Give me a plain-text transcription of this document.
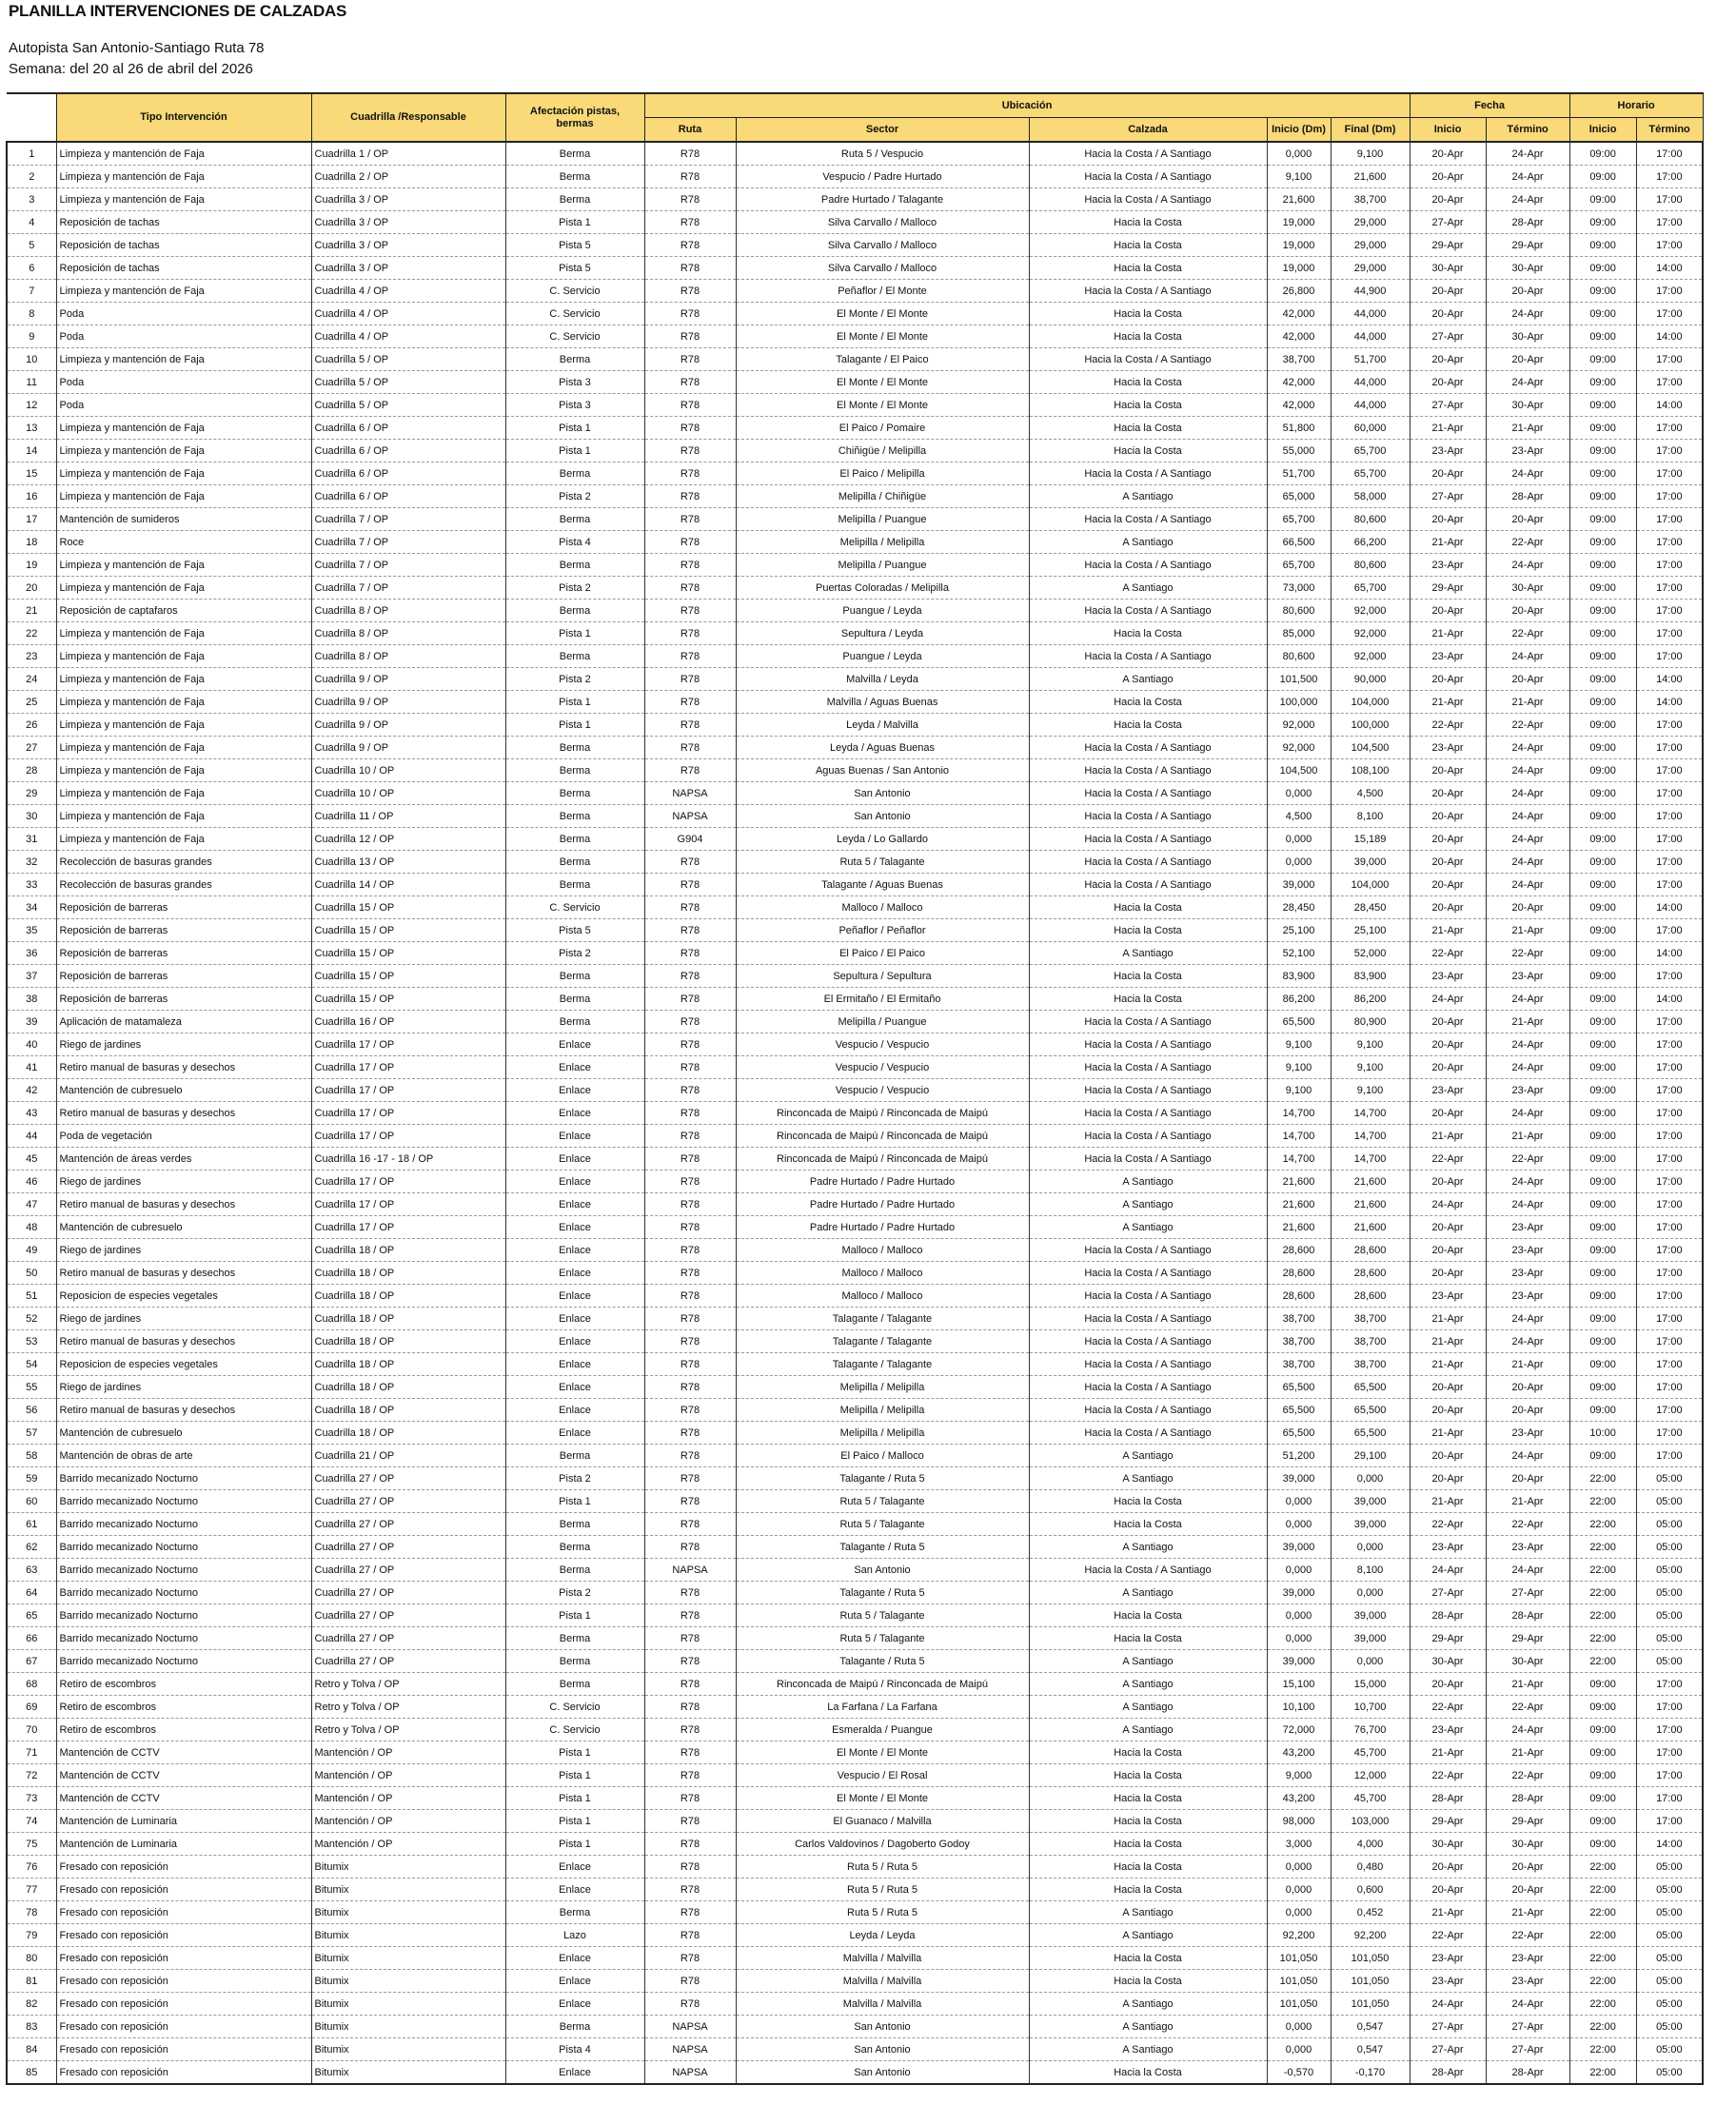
PLANILLA INTERVENCIONES DE CALZADAS
Autopista San Antonio-Santiago Ruta 78
Semana: del 20 al 26 de abril del 2026
	Tipo Intervención	Cuadrilla /Responsable	Afectación pistas, bermas	Ubicación					Fecha		Horario	
				Ruta	Sector	Calzada	Inicio (Dm)	Final (Dm)	Inicio	Término	Inicio	Término
1	Limpieza y mantención de Faja	Cuadrilla 1 / OP	Berma	R78	Ruta 5 / Vespucio	Hacia la Costa / A Santiago	0,000	9,100	20-Apr	24-Apr	09:00	17:00
2	Limpieza y mantención de Faja	Cuadrilla 2 / OP	Berma	R78	Vespucio / Padre Hurtado	Hacia la Costa / A Santiago	9,100	21,600	20-Apr	24-Apr	09:00	17:00
3	Limpieza y mantención de Faja	Cuadrilla 3 / OP	Berma	R78	Padre Hurtado / Talagante	Hacia la Costa / A Santiago	21,600	38,700	20-Apr	24-Apr	09:00	17:00
4	Reposición de tachas	Cuadrilla 3 / OP	Pista 1	R78	Silva Carvallo / Malloco	Hacia la Costa	19,000	29,000	27-Apr	28-Apr	09:00	17:00
5	Reposición de tachas	Cuadrilla 3 / OP	Pista 5	R78	Silva Carvallo / Malloco	Hacia la Costa	19,000	29,000	29-Apr	29-Apr	09:00	17:00
6	Reposición de tachas	Cuadrilla 3 / OP	Pista 5	R78	Silva Carvallo / Malloco	Hacia la Costa	19,000	29,000	30-Apr	30-Apr	09:00	14:00
7	Limpieza y mantención de Faja	Cuadrilla 4 / OP	C. Servicio	R78	Peñaflor / El Monte	Hacia la Costa / A Santiago	26,800	44,900	20-Apr	20-Apr	09:00	17:00
8	Poda	Cuadrilla 4 / OP	C. Servicio	R78	El Monte / El Monte	Hacia la Costa	42,000	44,000	20-Apr	24-Apr	09:00	17:00
9	Poda	Cuadrilla 4 / OP	C. Servicio	R78	El Monte / El Monte	Hacia la Costa	42,000	44,000	27-Apr	30-Apr	09:00	14:00
10	Limpieza y mantención de Faja	Cuadrilla 5 / OP	Berma	R78	Talagante / El Paico	Hacia la Costa / A Santiago	38,700	51,700	20-Apr	20-Apr	09:00	17:00
11	Poda	Cuadrilla 5 / OP	Pista 3	R78	El Monte / El Monte	Hacia la Costa	42,000	44,000	20-Apr	24-Apr	09:00	17:00
12	Poda	Cuadrilla 5 / OP	Pista 3	R78	El Monte / El Monte	Hacia la Costa	42,000	44,000	27-Apr	30-Apr	09:00	14:00
13	Limpieza y mantención de Faja	Cuadrilla 6 / OP	Pista 1	R78	El Paico / Pomaire	Hacia la Costa	51,800	60,000	21-Apr	21-Apr	09:00	17:00
14	Limpieza y mantención de Faja	Cuadrilla 6 / OP	Pista 1	R78	Chiñigüe / Melipilla	Hacia la Costa	55,000	65,700	23-Apr	23-Apr	09:00	17:00
15	Limpieza y mantención de Faja	Cuadrilla 6 / OP	Berma	R78	El Paico / Melipilla	Hacia la Costa / A Santiago	51,700	65,700	20-Apr	24-Apr	09:00	17:00
16	Limpieza y mantención de Faja	Cuadrilla 6 / OP	Pista 2	R78	Melipilla / Chiñigüe	A Santiago	65,000	58,000	27-Apr	28-Apr	09:00	17:00
17	Mantención de sumideros	Cuadrilla 7 / OP	Berma	R78	Melipilla / Puangue	Hacia la Costa / A Santiago	65,700	80,600	20-Apr	20-Apr	09:00	17:00
18	Roce	Cuadrilla 7 / OP	Pista 4	R78	Melipilla / Melipilla	A Santiago	66,500	66,200	21-Apr	22-Apr	09:00	17:00
19	Limpieza y mantención de Faja	Cuadrilla 7 / OP	Berma	R78	Melipilla / Puangue	Hacia la Costa / A Santiago	65,700	80,600	23-Apr	24-Apr	09:00	17:00
20	Limpieza y mantención de Faja	Cuadrilla 7 / OP	Pista 2	R78	Puertas Coloradas / Melipilla	A Santiago	73,000	65,700	29-Apr	30-Apr	09:00	17:00
21	Reposición de captafaros	Cuadrilla 8 / OP	Berma	R78	Puangue / Leyda	Hacia la Costa / A Santiago	80,600	92,000	20-Apr	20-Apr	09:00	17:00
22	Limpieza y mantención de Faja	Cuadrilla 8 / OP	Pista 1	R78	Sepultura / Leyda	Hacia la Costa	85,000	92,000	21-Apr	22-Apr	09:00	17:00
23	Limpieza y mantención de Faja	Cuadrilla 8 / OP	Berma	R78	Puangue / Leyda	Hacia la Costa / A Santiago	80,600	92,000	23-Apr	24-Apr	09:00	17:00
24	Limpieza y mantención de Faja	Cuadrilla 9 / OP	Pista 2	R78	Malvilla / Leyda	A Santiago	101,500	90,000	20-Apr	20-Apr	09:00	14:00
25	Limpieza y mantención de Faja	Cuadrilla 9 / OP	Pista 1	R78	Malvilla / Aguas Buenas	Hacia la Costa	100,000	104,000	21-Apr	21-Apr	09:00	14:00
26	Limpieza y mantención de Faja	Cuadrilla 9 / OP	Pista 1	R78	Leyda / Malvilla	Hacia la Costa	92,000	100,000	22-Apr	22-Apr	09:00	17:00
27	Limpieza y mantención de Faja	Cuadrilla 9 / OP	Berma	R78	Leyda / Aguas Buenas	Hacia la Costa / A Santiago	92,000	104,500	23-Apr	24-Apr	09:00	17:00
28	Limpieza y mantención de Faja	Cuadrilla 10 / OP	Berma	R78	Aguas Buenas / San Antonio	Hacia la Costa / A Santiago	104,500	108,100	20-Apr	24-Apr	09:00	17:00
29	Limpieza y mantención de Faja	Cuadrilla 10 / OP	Berma	NAPSA	San Antonio	Hacia la Costa / A Santiago	0,000	4,500	20-Apr	24-Apr	09:00	17:00
30	Limpieza y mantención de Faja	Cuadrilla 11 / OP	Berma	NAPSA	San Antonio	Hacia la Costa / A Santiago	4,500	8,100	20-Apr	24-Apr	09:00	17:00
31	Limpieza y mantención de Faja	Cuadrilla 12 / OP	Berma	G904	Leyda / Lo Gallardo	Hacia la Costa / A Santiago	0,000	15,189	20-Apr	24-Apr	09:00	17:00
32	Recolección de basuras grandes	Cuadrilla 13 / OP	Berma	R78	Ruta 5 / Talagante	Hacia la Costa / A Santiago	0,000	39,000	20-Apr	24-Apr	09:00	17:00
33	Recolección de basuras grandes	Cuadrilla 14 / OP	Berma	R78	Talagante / Aguas Buenas	Hacia la Costa / A Santiago	39,000	104,000	20-Apr	24-Apr	09:00	17:00
34	Reposición de barreras	Cuadrilla 15 / OP	C. Servicio	R78	Malloco / Malloco	Hacia la Costa	28,450	28,450	20-Apr	20-Apr	09:00	14:00
35	Reposición de barreras	Cuadrilla 15 / OP	Pista 5	R78	Peñaflor / Peñaflor	Hacia la Costa	25,100	25,100	21-Apr	21-Apr	09:00	17:00
36	Reposición de barreras	Cuadrilla 15 / OP	Pista 2	R78	El Paico / El Paico	A Santiago	52,100	52,000	22-Apr	22-Apr	09:00	14:00
37	Reposición de barreras	Cuadrilla 15 / OP	Berma	R78	Sepultura / Sepultura	Hacia la Costa	83,900	83,900	23-Apr	23-Apr	09:00	17:00
38	Reposición de barreras	Cuadrilla 15 / OP	Berma	R78	El Ermitaño / El Ermitaño	Hacia la Costa	86,200	86,200	24-Apr	24-Apr	09:00	14:00
39	Aplicación de matamaleza	Cuadrilla 16 / OP	Berma	R78	Melipilla / Puangue	Hacia la Costa / A Santiago	65,500	80,900	20-Apr	21-Apr	09:00	17:00
40	Riego de jardines	Cuadrilla 17 / OP	Enlace	R78	Vespucio / Vespucio	Hacia la Costa / A Santiago	9,100	9,100	20-Apr	24-Apr	09:00	17:00
41	Retiro manual de basuras y desechos	Cuadrilla 17 / OP	Enlace	R78	Vespucio / Vespucio	Hacia la Costa / A Santiago	9,100	9,100	20-Apr	24-Apr	09:00	17:00
42	Mantención de cubresuelo	Cuadrilla 17 / OP	Enlace	R78	Vespucio / Vespucio	Hacia la Costa / A Santiago	9,100	9,100	23-Apr	23-Apr	09:00	17:00
43	Retiro manual de basuras y desechos	Cuadrilla 17 / OP	Enlace	R78	Rinconcada de Maipú / Rinconcada de Maipú	Hacia la Costa / A Santiago	14,700	14,700	20-Apr	24-Apr	09:00	17:00
44	Poda de vegetación	Cuadrilla 17 / OP	Enlace	R78	Rinconcada de Maipú / Rinconcada de Maipú	Hacia la Costa / A Santiago	14,700	14,700	21-Apr	21-Apr	09:00	17:00
45	Mantención de áreas verdes	Cuadrilla 16 -17 - 18 / OP	Enlace	R78	Rinconcada de Maipú / Rinconcada de Maipú	Hacia la Costa / A Santiago	14,700	14,700	22-Apr	22-Apr	09:00	17:00
46	Riego de jardines	Cuadrilla 17 / OP	Enlace	R78	Padre Hurtado / Padre Hurtado	A Santiago	21,600	21,600	20-Apr	24-Apr	09:00	17:00
47	Retiro manual de basuras y desechos	Cuadrilla 17 / OP	Enlace	R78	Padre Hurtado / Padre Hurtado	A Santiago	21,600	21,600	24-Apr	24-Apr	09:00	17:00
48	Mantención de cubresuelo	Cuadrilla 17 / OP	Enlace	R78	Padre Hurtado / Padre Hurtado	A Santiago	21,600	21,600	20-Apr	23-Apr	09:00	17:00
49	Riego de jardines	Cuadrilla 18 / OP	Enlace	R78	Malloco / Malloco	Hacia la Costa / A Santiago	28,600	28,600	20-Apr	23-Apr	09:00	17:00
50	Retiro manual de basuras y desechos	Cuadrilla 18 / OP	Enlace	R78	Malloco / Malloco	Hacia la Costa / A Santiago	28,600	28,600	20-Apr	23-Apr	09:00	17:00
51	Reposicion de especies vegetales	Cuadrilla 18 / OP	Enlace	R78	Malloco / Malloco	Hacia la Costa / A Santiago	28,600	28,600	23-Apr	23-Apr	09:00	17:00
52	Riego de jardines	Cuadrilla 18 / OP	Enlace	R78	Talagante / Talagante	Hacia la Costa / A Santiago	38,700	38,700	21-Apr	24-Apr	09:00	17:00
53	Retiro manual de basuras y desechos	Cuadrilla 18 / OP	Enlace	R78	Talagante / Talagante	Hacia la Costa / A Santiago	38,700	38,700	21-Apr	24-Apr	09:00	17:00
54	Reposicion de especies vegetales	Cuadrilla 18 / OP	Enlace	R78	Talagante / Talagante	Hacia la Costa / A Santiago	38,700	38,700	21-Apr	21-Apr	09:00	17:00
55	Riego de jardines	Cuadrilla 18 / OP	Enlace	R78	Melipilla / Melipilla	Hacia la Costa / A Santiago	65,500	65,500	20-Apr	20-Apr	09:00	17:00
56	Retiro manual de basuras y desechos	Cuadrilla 18 / OP	Enlace	R78	Melipilla / Melipilla	Hacia la Costa / A Santiago	65,500	65,500	20-Apr	20-Apr	09:00	17:00
57	Mantención de cubresuelo	Cuadrilla 18 / OP	Enlace	R78	Melipilla / Melipilla	Hacia la Costa / A Santiago	65,500	65,500	21-Apr	23-Apr	10:00	17:00
58	Mantención de obras de arte	Cuadrilla 21 / OP	Berma	R78	El Paico / Malloco	A Santiago	51,200	29,100	20-Apr	24-Apr	09:00	17:00
59	Barrido mecanizado Nocturno	Cuadrilla 27 / OP	Pista 2	R78	Talagante / Ruta 5	A Santiago	39,000	0,000	20-Apr	20-Apr	22:00	05:00
60	Barrido mecanizado Nocturno	Cuadrilla 27 / OP	Pista 1	R78	Ruta 5 / Talagante	Hacia la Costa	0,000	39,000	21-Apr	21-Apr	22:00	05:00
61	Barrido mecanizado Nocturno	Cuadrilla 27 / OP	Berma	R78	Ruta 5 / Talagante	Hacia la Costa	0,000	39,000	22-Apr	22-Apr	22:00	05:00
62	Barrido mecanizado Nocturno	Cuadrilla 27 / OP	Berma	R78	Talagante / Ruta 5	A Santiago	39,000	0,000	23-Apr	23-Apr	22:00	05:00
63	Barrido mecanizado Nocturno	Cuadrilla 27 / OP	Berma	NAPSA	San Antonio	Hacia la Costa / A Santiago	0,000	8,100	24-Apr	24-Apr	22:00	05:00
64	Barrido mecanizado Nocturno	Cuadrilla 27 / OP	Pista 2	R78	Talagante / Ruta 5	A Santiago	39,000	0,000	27-Apr	27-Apr	22:00	05:00
65	Barrido mecanizado Nocturno	Cuadrilla 27 / OP	Pista 1	R78	Ruta 5 / Talagante	Hacia la Costa	0,000	39,000	28-Apr	28-Apr	22:00	05:00
66	Barrido mecanizado Nocturno	Cuadrilla 27 / OP	Berma	R78	Ruta 5 / Talagante	Hacia la Costa	0,000	39,000	29-Apr	29-Apr	22:00	05:00
67	Barrido mecanizado Nocturno	Cuadrilla 27 / OP	Berma	R78	Talagante / Ruta 5	A Santiago	39,000	0,000	30-Apr	30-Apr	22:00	05:00
68	Retiro de escombros	Retro y Tolva / OP	Berma	R78	Rinconcada de Maipú / Rinconcada de Maipú	A Santiago	15,100	15,000	20-Apr	21-Apr	09:00	17:00
69	Retiro de escombros	Retro y Tolva / OP	C. Servicio	R78	La Farfana / La Farfana	A Santiago	10,100	10,700	22-Apr	22-Apr	09:00	17:00
70	Retiro de escombros	Retro y Tolva / OP	C. Servicio	R78	Esmeralda / Puangue	A Santiago	72,000	76,700	23-Apr	24-Apr	09:00	17:00
71	Mantención de CCTV	Mantención / OP	Pista 1	R78	El Monte / El Monte	Hacia la Costa	43,200	45,700	21-Apr	21-Apr	09:00	17:00
72	Mantención de CCTV	Mantención / OP	Pista 1	R78	Vespucio / El Rosal	Hacia la Costa	9,000	12,000	22-Apr	22-Apr	09:00	17:00
73	Mantención de CCTV	Mantención / OP	Pista 1	R78	El Monte / El Monte	Hacia la Costa	43,200	45,700	28-Apr	28-Apr	09:00	17:00
74	Mantención de Luminaria	Mantención / OP	Pista 1	R78	El Guanaco / Malvilla	Hacia la Costa	98,000	103,000	29-Apr	29-Apr	09:00	17:00
75	Mantención de Luminaria	Mantención / OP	Pista 1	R78	Carlos Valdovinos / Dagoberto Godoy	Hacia la Costa	3,000	4,000	30-Apr	30-Apr	09:00	14:00
76	Fresado con reposición	Bitumix	Enlace	R78	Ruta 5 / Ruta 5	Hacia la Costa	0,000	0,480	20-Apr	20-Apr	22:00	05:00
77	Fresado con reposición	Bitumix	Enlace	R78	Ruta 5 / Ruta 5	Hacia la Costa	0,000	0,600	20-Apr	20-Apr	22:00	05:00
78	Fresado con reposición	Bitumix	Berma	R78	Ruta 5 / Ruta 5	A Santiago	0,000	0,452	21-Apr	21-Apr	22:00	05:00
79	Fresado con reposición	Bitumix	Lazo	R78	Leyda / Leyda	A Santiago	92,200	92,200	22-Apr	22-Apr	22:00	05:00
80	Fresado con reposición	Bitumix	Enlace	R78	Malvilla / Malvilla	Hacia la Costa	101,050	101,050	23-Apr	23-Apr	22:00	05:00
81	Fresado con reposición	Bitumix	Enlace	R78	Malvilla / Malvilla	Hacia la Costa	101,050	101,050	23-Apr	23-Apr	22:00	05:00
82	Fresado con reposición	Bitumix	Enlace	R78	Malvilla / Malvilla	A Santiago	101,050	101,050	24-Apr	24-Apr	22:00	05:00
83	Fresado con reposición	Bitumix	Berma	NAPSA	San Antonio	A Santiago	0,000	0,547	27-Apr	27-Apr	22:00	05:00
84	Fresado con reposición	Bitumix	Pista 4	NAPSA	San Antonio	A Santiago	0,000	0,547	27-Apr	27-Apr	22:00	05:00
85	Fresado con reposición	Bitumix	Enlace	NAPSA	San Antonio	Hacia la Costa	-0,570	-0,170	28-Apr	28-Apr	22:00	05:00
